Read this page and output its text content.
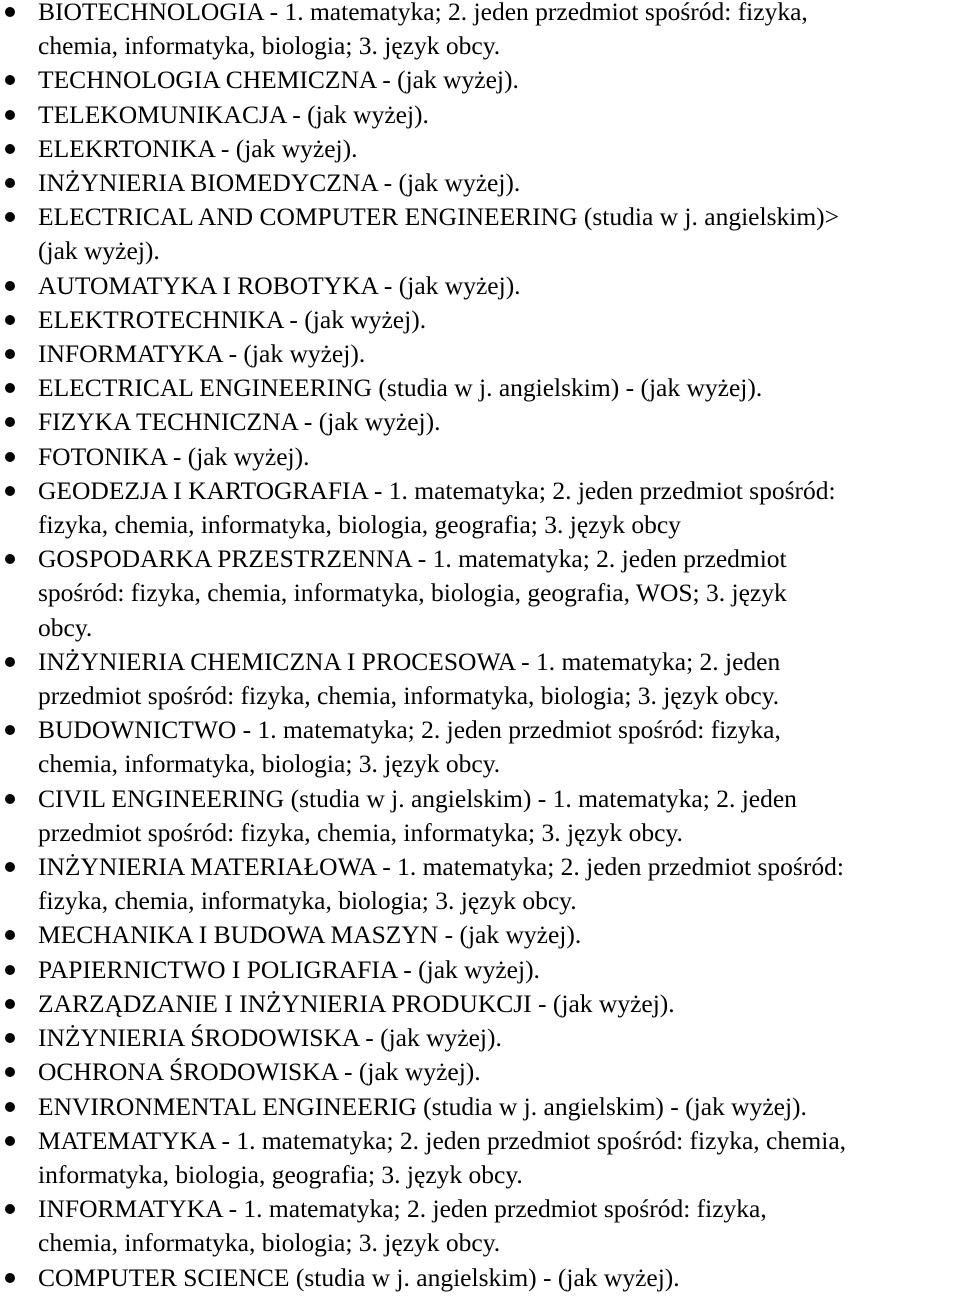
BIOTECHNOLOGIA - 1. matematyka; 2. jeden przedmiot spośród: fizyka,
chemia, informatyka, biologia; 3. język obcy.
TECHNOLOGIA CHEMICZNA - (jak wyżej).
TELEKOMUNIKACJA - (jak wyżej).
ELEKRTONIKA - (jak wyżej).
INŻYNIERIA BIOMEDYCZNA - (jak wyżej).
ELECTRICAL AND COMPUTER ENGINEERING (studia w j. angielskim)>
(jak wyżej).
AUTOMATYKA I ROBOTYKA - (jak wyżej).
ELEKTROTECHNIKA - (jak wyżej).
INFORMATYKA - (jak wyżej).
ELECTRICAL ENGINEERING (studia w j. angielskim) - (jak wyżej).
FIZYKA TECHNICZNA - (jak wyżej).
FOTONIKA - (jak wyżej).
GEODEZJA I KARTOGRAFIA - 1. matematyka; 2. jeden przedmiot spośród:
fizyka, chemia, informatyka, biologia, geografia; 3. język obcy
GOSPODARKA PRZESTRZENNA - 1. matematyka; 2. jeden przedmiot
spośród: fizyka, chemia, informatyka, biologia, geografia, WOS; 3. język
obcy.
INŻYNIERIA CHEMICZNA I PROCESOWA - 1. matematyka; 2. jeden
przedmiot spośród: fizyka, chemia, informatyka, biologia; 3. język obcy.
BUDOWNICTWO - 1. matematyka; 2. jeden przedmiot spośród: fizyka,
chemia, informatyka, biologia; 3. język obcy.
CIVIL ENGINEERING (studia w j. angielskim) - 1. matematyka; 2. jeden
przedmiot spośród: fizyka, chemia, informatyka; 3. język obcy.
INŻYNIERIA MATERIAŁOWA - 1. matematyka; 2. jeden przedmiot spośród:
fizyka, chemia, informatyka, biologia; 3. język obcy.
MECHANIKA I BUDOWA MASZYN - (jak wyżej).
PAPIERNICTWO I POLIGRAFIA - (jak wyżej).
ZARZĄDZANIE I INŻYNIERIA PRODUKCJI - (jak wyżej).
INŻYNIERIA ŚRODOWISKA - (jak wyżej).
OCHRONA ŚRODOWISKA - (jak wyżej).
ENVIRONMENTAL ENGINEERIG (studia w j. angielskim) - (jak wyżej).
MATEMATYKA - 1. matematyka; 2. jeden przedmiot spośród: fizyka, chemia,
informatyka, biologia, geografia; 3. język obcy.
INFORMATYKA - 1. matematyka; 2. jeden przedmiot spośród: fizyka,
chemia, informatyka, biologia; 3. język obcy.
COMPUTER SCIENCE (studia w j. angielskim) - (jak wyżej).
